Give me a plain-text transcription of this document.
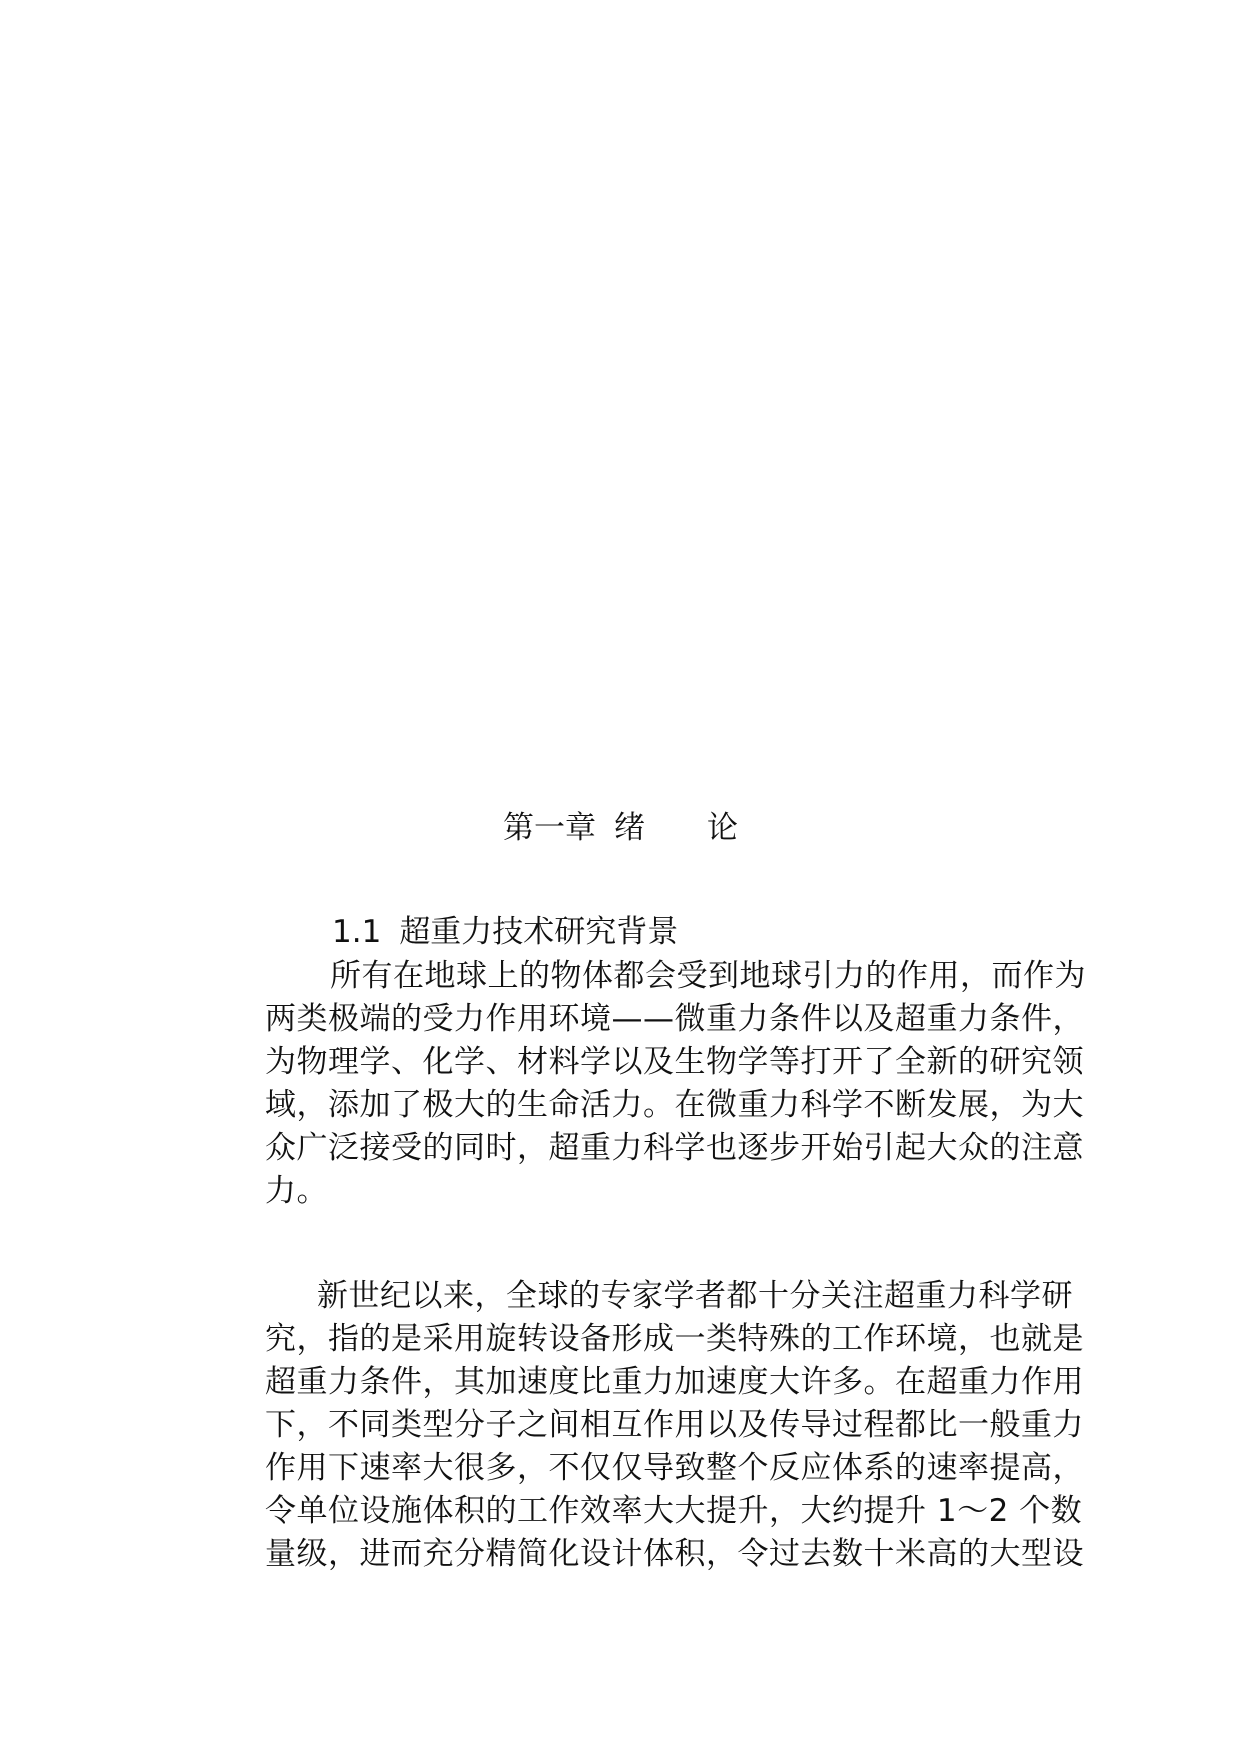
第一章 绪 论
1.1 超重力技术研究背景

所有在地球上的物体都会受到地球引力的作用，而作为
两类极端的受力作用环境——微重力条件以及超重力条件，
为物理学、化学、材料学以及生物学等打开了全新的研究领
域，添加了极大的生命活力。在微重力科学不断发展，为大
众广泛接受的同时，超重力科学也逐步开始引起大众的注意
力。

新世纪以来，全球的专家学者都十分关注超重力科学研
究，指的是采用旋转设备形成一类特殊的工作环境，也就是
超重力条件，其加速度比重力加速度大许多。在超重力作用
下，不同类型分子之间相互作用以及传导过程都比一般重力
作用下速率大很多，不仅仅导致整个反应体系的速率提高，
令单位设施体积的工作效率大大提升，大约提升 1～2 个数
量级，进而充分精简化设计体积，令过去数十米高的大型设
